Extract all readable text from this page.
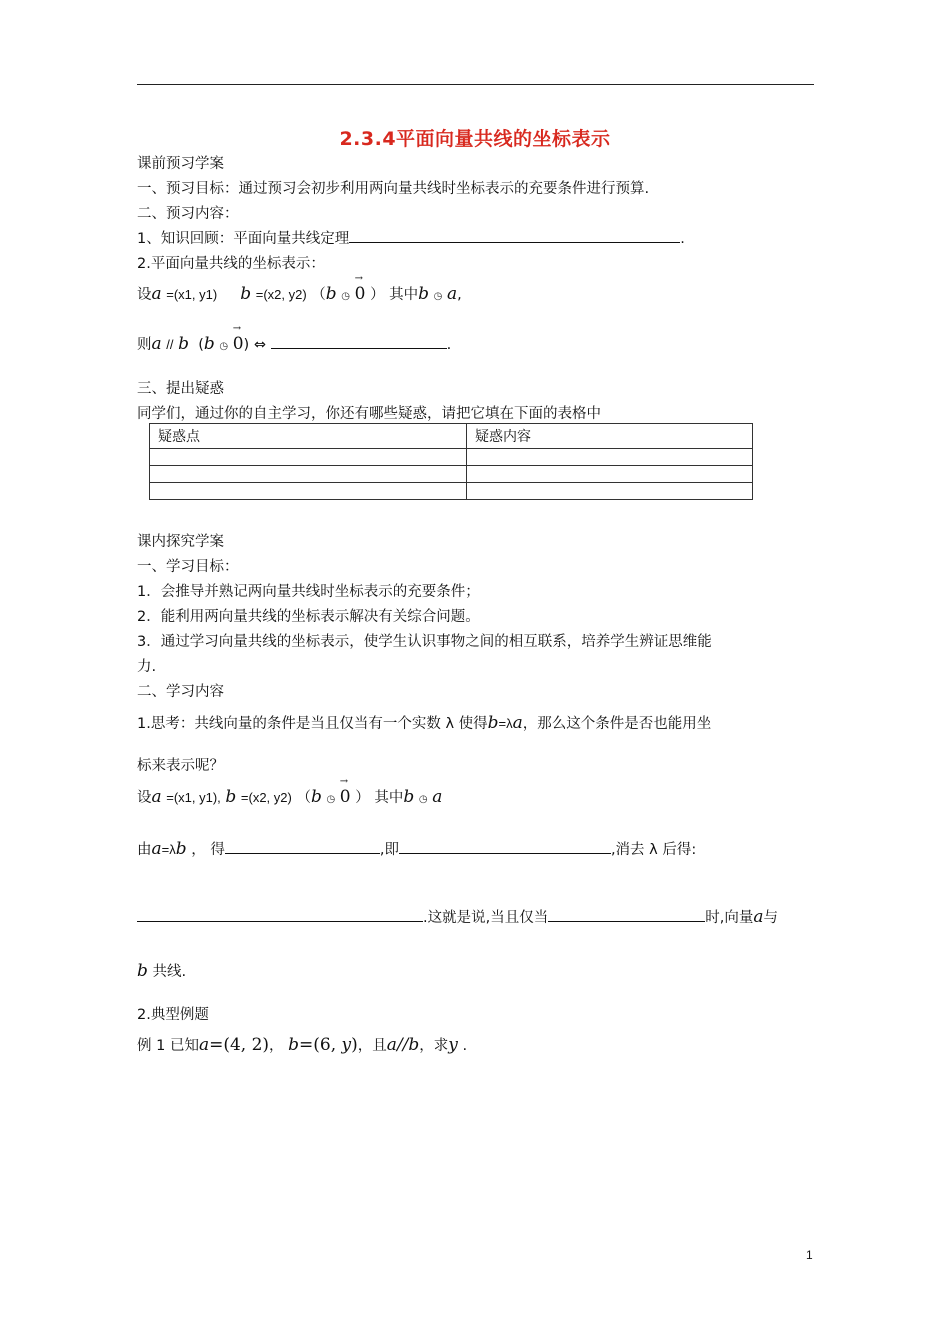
2.3.4平面向量共线的坐标表示
课前预习学案
一、预习目标：通过预习会初步利用两向量共线时坐标表示的充要条件进行预算.
二、预习内容：
1、知识回顾：平面向量共线定理	.
2.平面向量共线的坐标表示：
设a =(x1, y1) b =(x2, y2) （b ◷
→
0 ） 其中b ◷ a,
则a // b (b ◷
→
0) ⇔	.
三、提出疑惑
同学们，通过你的自主学习，你还有哪些疑惑，请把它填在下面的表格中
疑惑点	疑惑内容

课内探究学案
一、学习目标：
1．会推导并熟记两向量共线时坐标表示的充要条件；
2．能利用两向量共线的坐标表示解决有关综合问题。
3．通过学习向量共线的坐标表示，使学生认识事物之间的相互联系，培养学生辨证思维能
力.
二、学习内容
1.思考：共线向量的条件是当且仅当有一个实数 λ 使得b=λa，那么这个条件是否也能用坐
标来表示呢？
设a =(x1, y1), b =(x2, y2) （b ◷
→
0 ） 其中b ◷ a
由a=λb ， 得	,即	,消去 λ 后得:
.这就是说,当且仅当	时,向量a与
b 共线.
2.典型例题
例 1 已知a=(4, 2)， b=(6, y)，且a//b，求y .
1
